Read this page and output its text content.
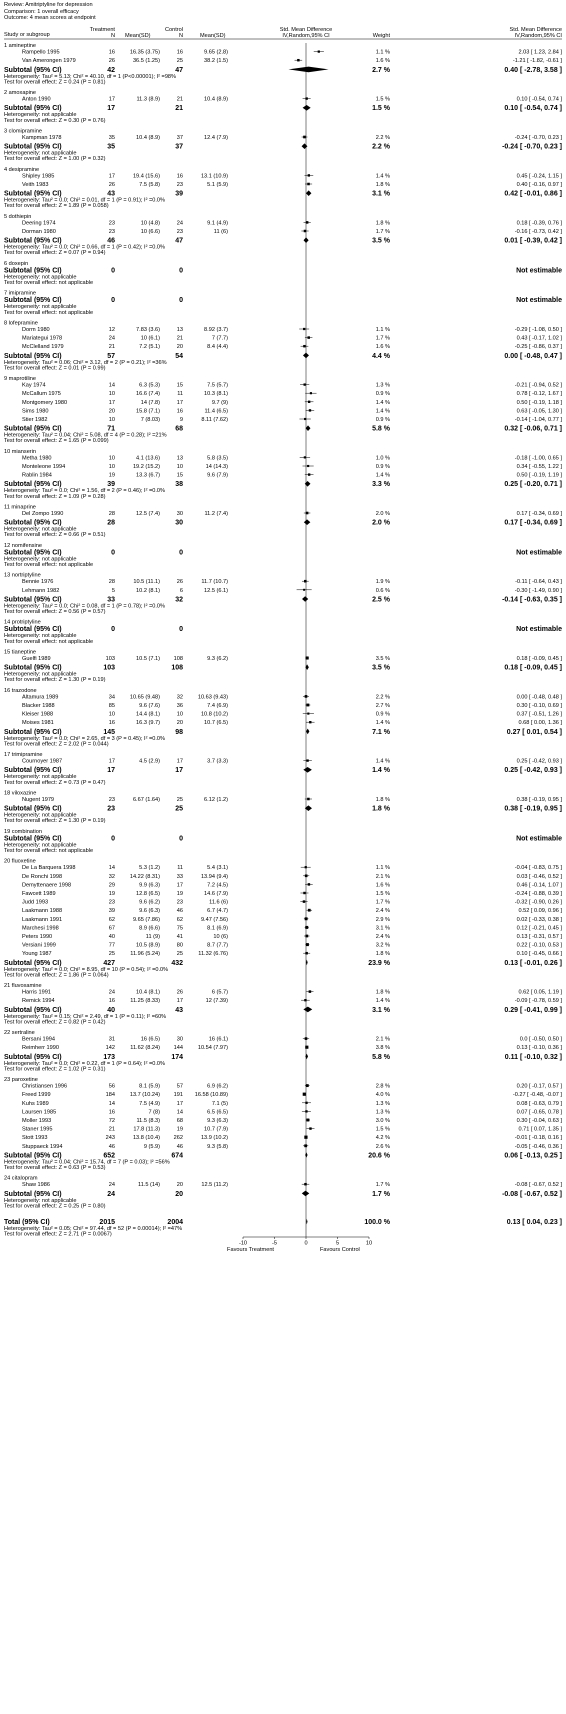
Review: Amitriptyline for depression
Comparison: 1 overall efficacy
Outcome: 4 mean scores at endpoint
Study or subgroup
Treatment
N Mean(SD)
Control
N	Mean(SD)
Std. Mean Difference
IV,Random,95% CI	Weight
Std. Mean Difference
IV,Random,95% CI
1 amineptine
Rampello 1995	16	16.35 (3.75)	16	9.65 (2.8)	1.1 %	2.03 [ 1.23, 2.84 ]
Van Amerongen 1979	26	36.5 (1.25)	25	38.2 (1.5)	1.6 %	-1.21 [ -1.82, -0.61 ]
Subtotal (95% CI)	42	47	2.7 %	0.40 [ -2.78, 3.58 ]
Heterogeneity: Tau² = 5.13; Chi² = 40.10, df = 1 (P<0.00001); I² =98%
Test for overall effect: Z = 0.24 (P = 0.81)
2 amoxapine
Anton 1990	17	11.3 (8.9)	21	10.4 (8.9)	1.5 %	0.10 [ -0.54, 0.74 ]
Subtotal (95% CI)	17	21	1.5 %	0.10 [ -0.54, 0.74 ]
Heterogeneity: not applicable
Test for overall effect: Z = 0.30 (P = 0.76)
3 clomipramine
Kampman 1978	35	10.4 (8.9)	37	12.4 (7.9)	2.2 %	-0.24 [ -0.70, 0.23 ]
Subtotal (95% CI)	35	37	2.2 %	-0.24 [ -0.70, 0.23 ]
Heterogeneity: not applicable
Test for overall effect: Z = 1.00 (P = 0.32)
4 desipramine
Shipley 1985	17	19.4 (15.6)	16	13.1 (10.9)	1.4 %	0.45 [ -0.24, 1.15 ]
Veith 1983	26	7.5 (5.8)	23	5.1 (5.9)	1.8 %	0.40 [ -0.16, 0.97 ]
Subtotal (95% CI)	43	39	3.1 %	0.42 [ -0.01, 0.86 ]
Heterogeneity: Tau² = 0.0; Chi² = 0.01, df = 1 (P = 0.91); I² =0.0%
Test for overall effect: Z = 1.89 (P = 0.058)
5 dothiepin
Deering 1974	23	10 (4.8)	24	9.1 (4.9)	1.8 %	0.18 [ -0.39, 0.76 ]
Dorman 1980	23	10 (6.6)	23	11 (6)	1.7 %	-0.16 [ -0.73, 0.42 ]
Subtotal (95% CI)	46	47	3.5 %	0.01 [ -0.39, 0.42 ]
Heterogeneity: Tau² = 0.0; Chi² = 0.66, df = 1 (P = 0.42); I² =0.0%
Test for overall effect: Z = 0.07 (P = 0.94)
6 doxepin
Subtotal (95% CI)	0	0	Not estimable
Heterogeneity: not applicable
Test for overall effect: not applicable
7 imipramine
Subtotal (95% CI)	0	0	Not estimable
Heterogeneity: not applicable
Test for overall effect: not applicable
8 lofepramine
Dorm 1980	12	7.83 (3.6)	13	8.92 (3.7)	1.1 %	-0.29 [ -1.08, 0.50 ]
Mariategui 1978	24	10 (6.1)	21	7 (7.7)	1.7 %	0.43 [ -0.17, 1.02 ]
McClelland 1979	21	7.2 (5.1)	20	8.4 (4.4)	1.6 %	-0.25 [ -0.86, 0.37 ]
Subtotal (95% CI)	57	54	4.4 %	0.00 [ -0.48, 0.47 ]
Heterogeneity: Tau² = 0.06; Chi² = 3.12, df = 2 (P = 0.21); I² =36%
Test for overall effect: Z = 0.01 (P = 0.99)
9 maprotiline
Kay 1974	14	6.3 (5.3)	15	7.5 (5.7)	1.3 %	-0.21 [ -0.94, 0.52 ]
McCallum 1975	10	16.6 (7.4)	11	10.3 (8.1)	0.9 %	0.78 [ -0.12, 1.67 ]
Montgomery 1980	17	14 (7.8)	17	9.7 (9)	1.4 %	0.50 [ -0.19, 1.18 ]
Sims 1980	20	15.8 (7.1)	16	11.4 (6.5)	1.4 %	0.63 [ -0.05, 1.30 ]
Stier 1982	10	7 (8.03)	9	8.11 (7.62)	0.9 %	-0.14 [ -1.04, 0.77 ]
Subtotal (95% CI)	71	68	5.8 %	0.32 [ -0.06, 0.71 ]
Heterogeneity: Tau² = 0.04; Chi² = 5.08, df = 4 (P = 0.28); I² =21%
Test for overall effect: Z = 1.65 (P = 0.099)
10 mianserin
Metha 1980	10	4.1 (13.6)	13	5.8 (3.5)	1.0 %	-0.18 [ -1.00, 0.65 ]
Monteleone 1994	10	19.2 (15.2)	10	14 (14.3)	0.9 %	0.34 [ -0.55, 1.22 ]
Rablin 1984	19	13.3 (6.7)	15	9.6 (7.9)	1.4 %	0.50 [ -0.19, 1.19 ]
Subtotal (95% CI)	39	38	3.3 %	0.25 [ -0.20, 0.71 ]
Heterogeneity: Tau² = 0.0; Chi² = 1.56, df = 2 (P = 0.46); I² =0.0%
Test for overall effect: Z = 1.09 (P = 0.28)
11 minaprine
Del Zompo 1990	28	12.5 (7.4)	30	11.2 (7.4)	2.0 %	0.17 [ -0.34, 0.69 ]
Subtotal (95% CI)	28	30	2.0 %	0.17 [ -0.34, 0.69 ]
Heterogeneity: not applicable
Test for overall effect: Z = 0.66 (P = 0.51)
12 nomifensine
Subtotal (95% CI)	0	0	Not estimable
Heterogeneity: not applicable
Test for overall effect: not applicable
13 nortriptyline
Bennie 1976	28	10.5 (11.1)	26	11.7 (10.7)	1.9 %	-0.11 [ -0.64, 0.43 ]
Lehmann 1982	5	10.2 (8.1)	6	12.5 (6.1)	0.6 %	-0.30 [ -1.49, 0.90 ]
Subtotal (95% CI)	33	32	2.5 %	-0.14 [ -0.63, 0.35 ]
Heterogeneity: Tau² = 0.0; Chi² = 0.08, df = 1 (P = 0.78); I² =0.0%
Test for overall effect: Z = 0.56 (P = 0.57)
14 protriptyline
Subtotal (95% CI)	0	0	Not estimable
Heterogeneity: not applicable
Test for overall effect: not applicable
15 tianeptine
Guelfi 1989	103	10.5 (7.1) 108	9.3 (6.2)	3.5 %	0.18 [ -0.09, 0.45 ]
Subtotal (95% CI)	103	108	3.5 %	0.18 [ -0.09, 0.45 ]
Heterogeneity: not applicable
Test for overall effect: Z = 1.30 (P = 0.19)
16 trazodone
Altamura 1989	34	10.65 (9.48)	32	10.63 (9.43)	2.2 %	0.00 [ -0.48, 0.48 ]
Blacker 1988	85	9.6 (7.6)	36	7.4 (6.9)	2.7 %	0.30 [ -0.10, 0.69 ]
Kleiser 1988	10	14.4 (8.1)	10	10.8 (10.2)	0.9 %	0.37 [ -0.51, 1.26 ]
Moises 1981	16	16.3 (9.7)	20	10.7 (6.5)	1.4 %	0.68 [ 0.00, 1.36 ]
Subtotal (95% CI)	145	98	7.1 %	0.27 [ 0.01, 0.54 ]
Heterogeneity: Tau² = 0.0; Chi² = 2.65, df = 3 (P = 0.45); I² =0.0%
Test for overall effect: Z = 2.02 (P = 0.044)
17 trimipramine
Cournoyer 1987	17	4.5 (2.9)	17	3.7 (3.3)	1.4 %	0.25 [ -0.42, 0.93 ]
Subtotal (95% CI)	17	17	1.4 %	0.25 [ -0.42, 0.93 ]
Heterogeneity: not applicable
Test for overall effect: Z = 0.73 (P = 0.47)
18 viloxazine
Nugent 1979	23	6.67 (1.64)	25	6.12 (1.2)	1.8 %	0.38 [ -0.19, 0.95 ]
Subtotal (95% CI)	23	25	1.8 %	0.38 [ -0.19, 0.95 ]
Heterogeneity: not applicable
Test for overall effect: Z = 1.30 (P = 0.19)
19 combination
Subtotal (95% CI)	0	0	Not estimable
Heterogeneity: not applicable
Test for overall effect: not applicable
20 fluoxetine
De La Barquera 1998	14	5.3 (1.2)	11	5.4 (3.1)	1.1 %	-0.04 [ -0.83, 0.75 ]
De Ronchi 1998	32	14.22 (8.31)	33	13.94 (9.4)	2.1 %	0.03 [ -0.46, 0.52 ]
Demyttenaere 1998	29	9.9 (6.3)	17	7.2 (4.5)	1.6 %	0.46 [ -0.14, 1.07 ]
Fawcett 1989	19	12.8 (6.5)	19	14.6 (7.9)	1.5 %	-0.24 [ -0.88, 0.39 ]
Judd 1993	23	9.6 (6.2)	23	11.6 (6)	1.7 %	-0.32 [ -0.90, 0.26 ]
Laakmann 1988	39	9.6 (6.3)	46	6.7 (4.7)	2.4 %	0.52 [ 0.09, 0.96 ]
Laakmann 1991	62	9.65 (7.86)	62	9.47 (7.56)	2.9 %	0.02 [ -0.33, 0.38 ]
Marchesi 1998	67	8.9 (6.6)	75	8.1 (6.9)	3.1 %	0.12 [ -0.21, 0.45 ]
Peters 1990	40	11 (9)	41	10 (6)	2.4 %	0.13 [ -0.31, 0.57 ]
Versiani 1999	77	10.5 (8.9)	80	8.7 (7.7)	3.2 %	0.22 [ -0.10, 0.53 ]
Young 1987	25	11.96 (5.24)	25	11.32 (6.76)	1.8 %	0.10 [ -0.45, 0.66 ]
Subtotal (95% CI)	427	432	23.9 %	0.13 [ -0.01, 0.26 ]
Heterogeneity: Tau² = 0.0; Chi² = 8.95, df = 10 (P = 0.54); I² =0.0%
Test for overall effect: Z = 1.86 (P = 0.064)
21 fluvoxamine
Harris 1991	24	10.4 (8.1)	26	6 (5.7)	1.8 %	0.62 [ 0.05, 1.19 ]
Remick 1994	16	11.25 (8.33)	17	12 (7.39)	1.4 %	-0.09 [ -0.78, 0.59 ]
Subtotal (95% CI)	40	43	3.1 %	0.29 [ -0.41, 0.99 ]
Heterogeneity: Tau² = 0.15; Chi² = 2.49, df = 1 (P = 0.11); I² =60%
Test for overall effect: Z = 0.82 (P = 0.42)
22 sertraline
Bersani 1994	31	16 (6.5)	30	16 (6.1)	2.1 %	0.0 [ -0.50, 0.50 ]
Reimherr 1990	142	11.62 (8.24) 144	10.54 (7.97)	3.8 %	0.13 [ -0.10, 0.36 ]
Subtotal (95% CI)	173	174	5.8 %	0.11 [ -0.10, 0.32 ]
Heterogeneity: Tau² = 0.0; Chi² = 0.22, df = 1 (P = 0.64); I² =0.0%
Test for overall effect: Z = 1.02 (P = 0.31)
23 paroxetine
Christiansen 1996	56	8.1 (5.9)	57	6.9 (6.2)	2.8 %	0.20 [ -0.17, 0.57 ]
Freed 1999	184	13.7 (10.24) 191 16.58 (10.89)	4.0 %	-0.27 [ -0.48, -0.07 ]
Kuhs 1989	14	7.5 (4.9)	17	7.1 (5)	1.3 %	0.08 [ -0.63, 0.79 ]
Laursen 1985	16	7 (8)	14	6.5 (6.5)	1.3 %	0.07 [ -0.65, 0.78 ]
Moller 1993	72	11.5 (8.3)	68	9.3 (6.3)	3.0 %	0.30 [ -0.04, 0.63 ]
Staner 1995	21	17.8 (11.3)	19	10.7 (7.9)	1.5 %	0.71 [ 0.07, 1.35 ]
Stott 1993	243	13.8 (10.4) 262	13.9 (10.2)	4.2 %	-0.01 [ -0.18, 0.16 ]
Stuppaeck 1994	46	9 (5.9)	46	9.3 (5.8)	2.6 %	-0.05 [ -0.46, 0.36 ]
Subtotal (95% CI)	652	674	20.6 %	0.06 [ -0.13, 0.25 ]
Heterogeneity: Tau² = 0.04; Chi² = 15.74, df = 7 (P = 0.03); I² =56%
Test for overall effect: Z = 0.63 (P = 0.53)
24 citalopram
Shaw 1986	24	11.5 (14)	20	12.5 (11.2)	1.7 %	-0.08 [ -0.67, 0.52 ]
Subtotal (95% CI)	24	20	1.7 %	-0.08 [ -0.67, 0.52 ]
Heterogeneity: not applicable
Test for overall effect: Z = 0.25 (P = 0.80)
Total (95% CI)	2015	2004	100.0 %	0.13 [ 0.04, 0.23 ]
Heterogeneity: Tau² = 0.05; Chi² = 97.44, df = 52 (P = 0.00014); I² =47%
Test for overall effect: Z = 2.71 (P = 0.0067)
-10	-5	0	5	10
Favours Treatment	Favours Control
